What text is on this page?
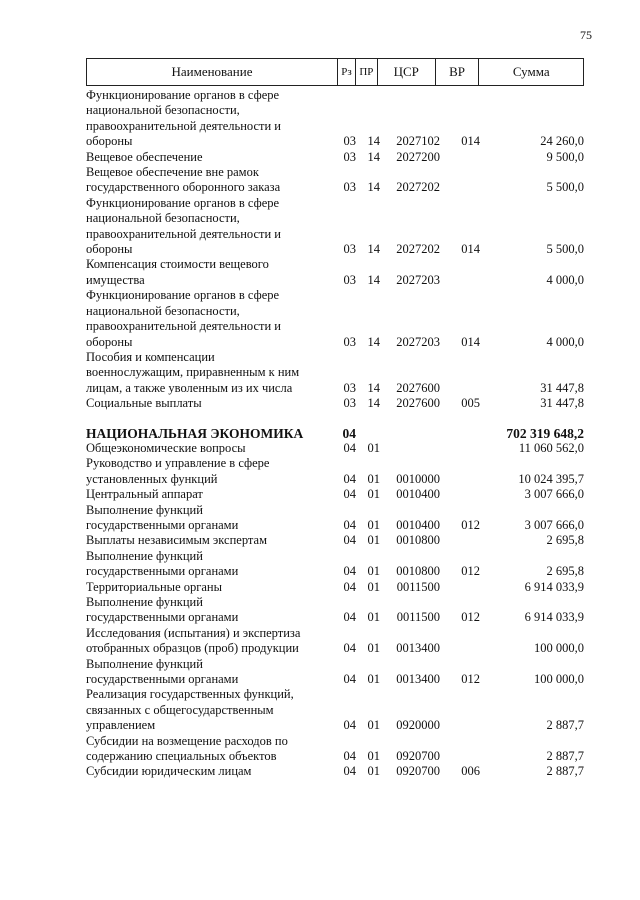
75
Наименование	Рз ПР	ЦСР	ВР	Сумма
Функционирование органов в сфере
национальной безопасности,
правоохранительной деятельности и
обороны	03 14	2027102	014	24 260,0
Вещевое обеспечение	03 14	2027200	9 500,0
Вещевое обеспечение вне рамок
государственного оборонного заказа	03 14	2027202	5 500,0
Функционирование органов в сфере
национальной безопасности,
правоохранительной деятельности и
обороны	03 14	2027202	014	5 500,0
Компенсация стоимости вещевого
имущества	03 14	2027203	4 000,0
Функционирование органов в сфере
национальной безопасности,
правоохранительной деятельности и
обороны	03 14	2027203	014	4 000,0
Пособия и компенсации
военнослужащим, приравненным к ним
лицам, а также уволенным из их числа	03 14	2027600	31 447,8
Социальные выплаты	03 14	2027600	005	31 447,8
НАЦИОНАЛЬНАЯ ЭКОНОМИКА	04	702 319 648,2
Общеэкономические вопросы	04 01	11 060 562,0
Руководство и управление в сфере
установленных функций	04 01	0010000	10 024 395,7
Центральный аппарат	04 01	0010400	3 007 666,0
Выполнение функций
государственными органами	04 01	0010400	012	3 007 666,0
Выплаты независимым экспертам	04 01	0010800	2 695,8
Выполнение функций
государственными органами	04 01	0010800	012	2 695,8
Территориальные органы	04 01	0011500	6 914 033,9
Выполнение функций
государственными органами	04 01	0011500	012	6 914 033,9
Исследования (испытания) и экспертиза
отобранных образцов (проб) продукции	04 01	0013400	100 000,0
Выполнение функций
государственными органами	04 01	0013400	012	100 000,0
Реализация государственных функций,
связанных с общегосударственным
управлением	04 01	0920000	2 887,7
Субсидии на возмещение расходов по
содержанию специальных объектов	04 01	0920700	2 887,7
Субсидии юридическим лицам	04 01	0920700	006	2 887,7
